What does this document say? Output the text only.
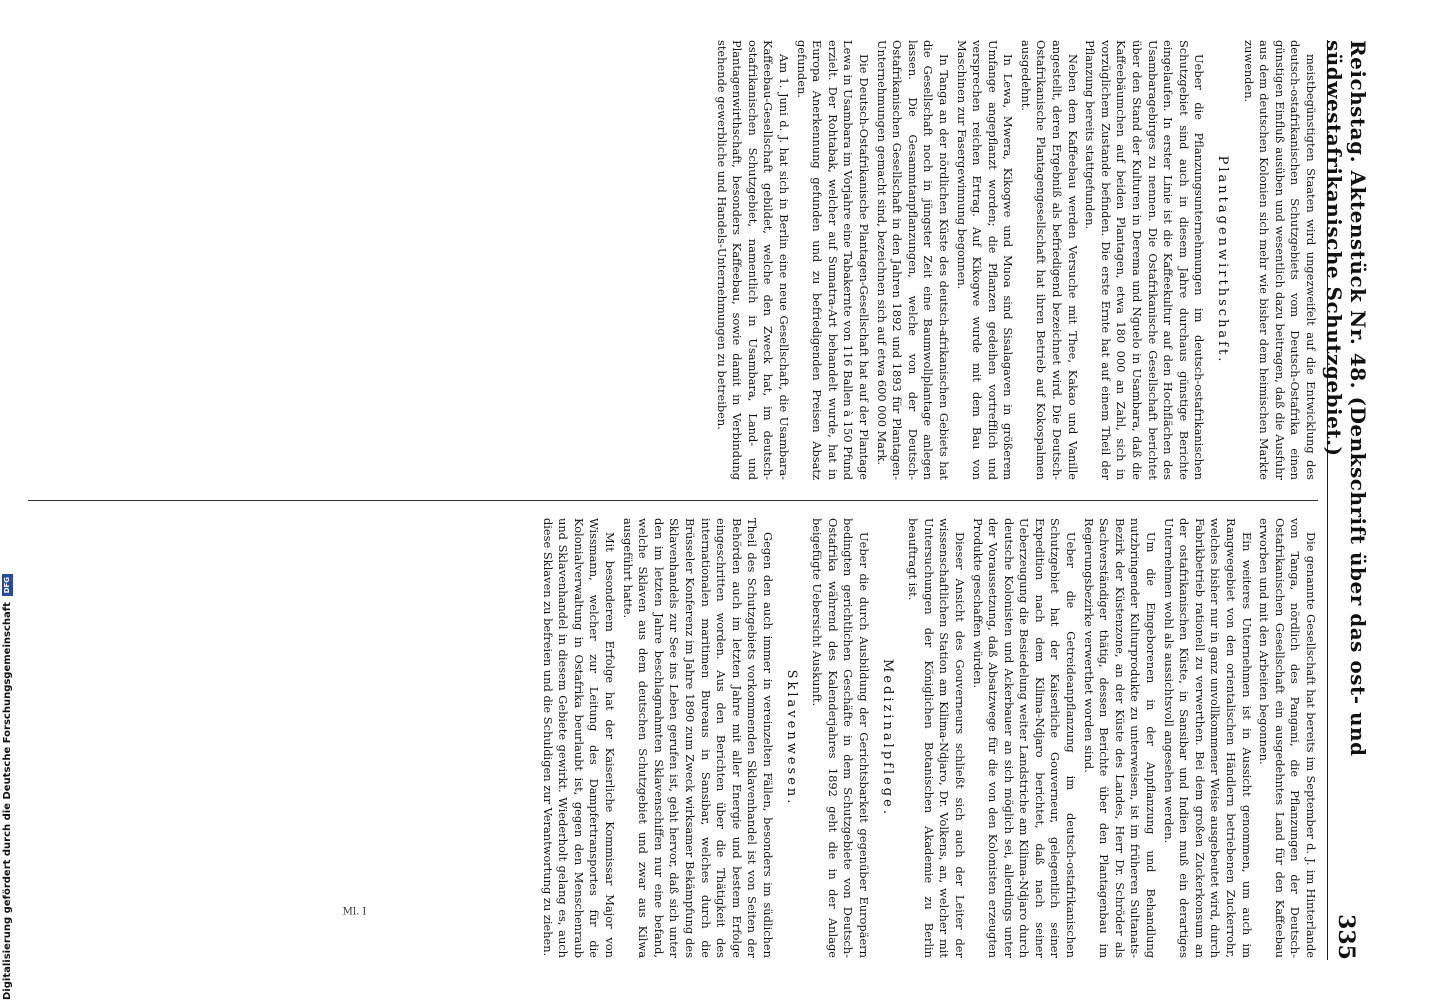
Reichstag. Aktenstück Nr. 48. (Denkschrift über das ost- und südwestafrikanische Schutzgebiet.)
335

meistbegünstigten Staaten wird ungezweifelt auf die Entwicklung des deutsch-ostafrikanischen Schutzgebiets vom Deutsch-Ostafrika einen günstigen Einfluß ausüben und wesentlich dazu beitragen, daß die Ausfuhr aus dem deutschen Kolonien sich mehr wie bisher dem heimischen Markte zuwenden.

Plantagenwirthschaft.

Ueber die Pflanzungsunternehmungen im deutsch-ostafrikanischen Schutzgebiet sind auch in diesem Jahre durchaus günstige Berichte eingelaufen. In erster Linie ist die Kaffeekultur auf den Hochflächen des Usambaragebirges zu nennen. Die Ostafrikanische Gesellschaft berichtet über den Stand der Kulturen in Derema und Nguelo in Usambara, daß die Kaffeebäumchen auf beiden Plantagen, etwa 180 000 an Zahl, sich in vorzüglichem Zustande befinden. Die erste Ernte hat auf einem Theil der Pflanzung bereits stattgefunden.

Neben dem Kaffeebau werden Versuche mit Thee, Kakao und Vanille angestellt, deren Ergebniß als befriedigend bezeichnet wird. Die Deutsch-Ostafrikanische Plantagengesellschaft hat ihren Betrieb auf Kokospalmen ausgedehnt.

In Lewa, Mwera, Kikogwe und Muoa sind Sisalagaven in größerem Umfange angepflanzt worden; die Pflanzen gedeihen vortrefflich und versprechen reichen Ertrag. Auf Kikogwe wurde mit dem Bau von Maschinen zur Fasergewinnung begonnen.

In Tanga an der nördlichen Küste des deutsch-afrikanischen Gebiets hat die Gesellschaft noch in jüngster Zeit eine Baumwollplantage anlegen lassen. Die Gesammtanpflanzungen, welche von der Deutsch-Ostafrikanischen Gesellschaft in den Jahren 1892 und 1893 für Plantagen-Unternehmungen gemacht sind, bezeichnen sich auf etwa 600 000 Mark.

Die Deutsch-Ostafrikanische Plantagen-Gesellschaft hat auf der Plantage Lewa in Usambara im Vorjahre eine Tabakernte von 116 Ballen à 150 Pfund erzielt. Der Rohtabak, welcher auf Sumatra-Art behandelt wurde, hat in Europa Anerkennung gefunden und zu befriedigenden Preisen Absatz gefunden.

Am 1. Juni d. J. hat sich in Berlin eine neue Gesellschaft, die Usambara-Kaffeebau-Gesellschaft gebildet, welche den Zweck hat, im deutsch-ostafrikanischen Schutzgebiet, namentlich in Usambara, Land- und Plantagenwirthschaft, besonders Kaffeebau, sowie damit in Verbindung stehende gewerbliche und Handels-Unternehmungen zu betreiben.

Die genannte Gesellschaft hat bereits im September d. J. im Hinterlande von Tanga, nördlich des Pangani, die Pflanzungen der Deutsch-Ostafrikanischen Gesellschaft ein ausgedehntes Land für den Kaffeebau erworben und mit den Arbeiten begonnen.

Ein weiteres Unternehmen ist in Aussicht genommen, um auch im Rangwegebiet von den orientalischen Händlern betriebenen Zuckerrohr, welches bisher nur in ganz unvollkommener Weise ausgebeutet wird, durch Fabrikbetrieb rationell zu verwerthen. Bei dem großen Zuckerkonsum an der ostafrikanischen Küste, in Sansibar und Indien muß ein derartiges Unternehmen wohl als aussichtsvoll angesehen werden.

Um die Eingeborenen in der Anpflanzung und Behandlung nutzbringender Kulturprodukte zu unterweisen, ist im früheren Sultanats-Bezirk der Küstenzone, an der Küste des Landes, Herr Dr. Schröder als Sachverständiger thätig, dessen Berichte über den Plantagenbau im Regierungsbezirke verwerthet worden sind.

Ueber die Getreideanpflanzung im deutsch-ostafrikanischen Schutzgebiet hat der Kaiserliche Gouverneur, gelegentlich seiner Expedition nach dem Kilima-Ndjaro berichtet, daß nach seiner Ueberzeugung die Besiedelung weiter Landstriche am Kilima-Ndjaro durch deutsche Kolonisten und Ackerbauer an sich möglich sei, allerdings unter der Voraussetzung, daß Absatzwege für die von den Kolonisten erzeugten Produkte geschaffen würden.

Dieser Ansicht des Gouverneurs schließt sich auch der Leiter der wissenschaftlichen Station am Kilima-Ndjaro, Dr. Volkens, an, welcher mit Untersuchungen der Königlichen Botanischen Akademie zu Berlin beauftragt ist.

Medizinalpflege.

Ueber die durch Ausbildung der Gerichtsbarkeit gegenüber Europäern bedingten gerichtlichen Geschäfte in dem Schutzgebiete von Deutsch-Ostafrika während des Kalenderjahres 1892 geht die in der Anlage beigefügte Uebersicht Auskunft.

Sklavenwesen.

Gegen den auch immer in vereinzelten Fällen, besonders im südlichen Theil des Schutzgebiets vorkommenden Sklavenhandel ist von Seiten der Behörden auch im letzten Jahre mit aller Energie und bestem Erfolge eingeschritten worden. Aus den Berichten über die Thätigkeit des internationalen maritimen Bureaus in Sansibar, welches durch die Brüsseler Konferenz im Jahre 1890 zum Zweck wirksamer Bekämpfung des Sklavenhandels zur See ins Leben gerufen ist, geht hervor, daß sich unter den im letzten Jahre beschlagnahmten Sklavenschiffen nur eine befand, welche Sklaven aus dem deutschen Schutzgebiet und zwar aus Kilwa ausgeführt hatte.

Mit besonderem Erfolge hat der Kaiserliche Kommissar Major von Wissmann, welcher zur Leitung des Dampfertransportes für die Kolonialverwaltung in Ostafrika beurlaubt ist, gegen den Menschenraub und Sklavenhandel in diesem Gebiete gewirkt. Wiederholt gelang es, auch diese Sklaven zu befreien und die Schuldigen zur Verantwortung zu ziehen.

Ml. I
Digitalisierung gefördert durch die Deutsche Forschungsgemeinschaft
DFG
